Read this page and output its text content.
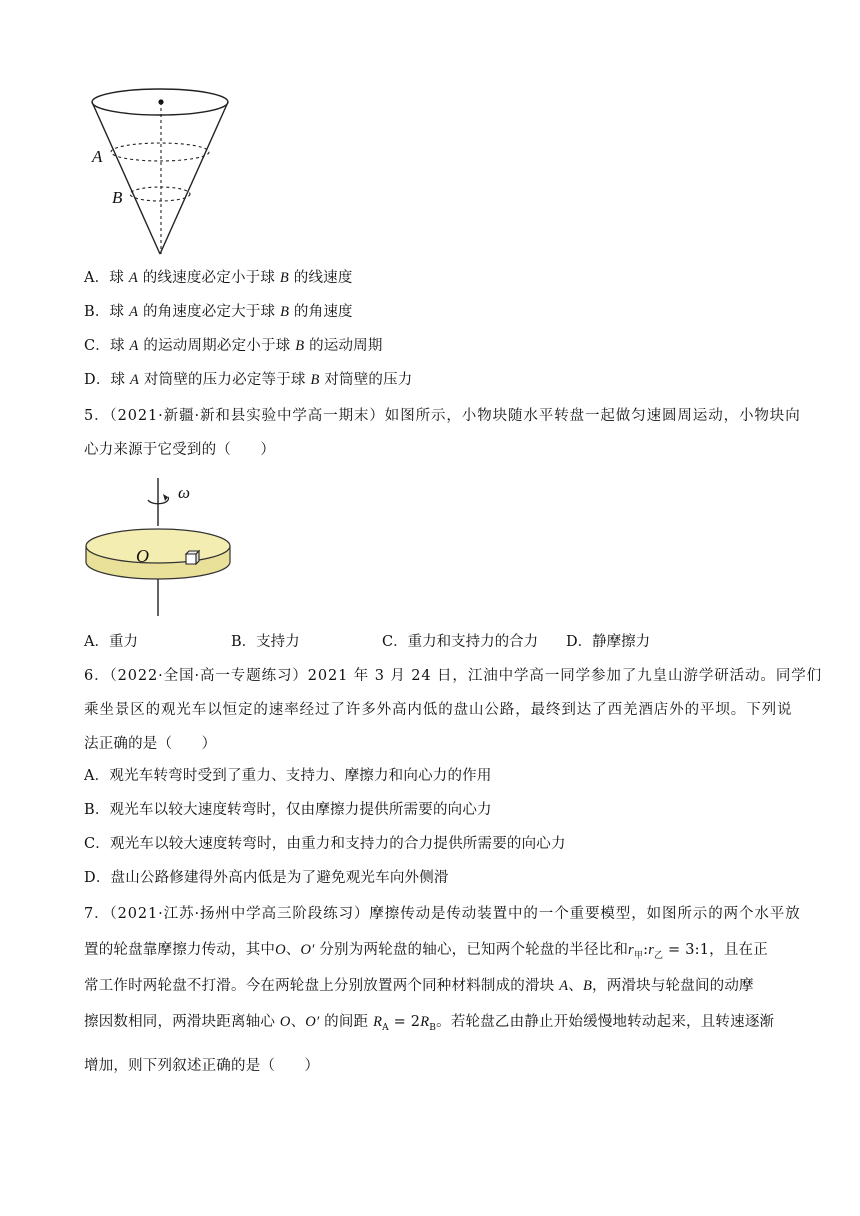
A
B
A．球 A 的线速度必定小于球 B 的线速度
B．球 A 的角速度必定大于球 B 的角速度
C．球 A 的运动周期必定小于球 B 的运动周期
D．球 A 对筒壁的压力必定等于球 B 对筒壁的压力
5．（2021·新疆·新和县实验中学高一期末）如图所示，小物块随水平转盘一起做匀速圆周运动，小物块向
心力来源于它受到的（　　）
ω
O
A．重力	B．支持力	C．重力和支持力的合力 D．静摩擦力
6．（2022·全国·高一专题练习）2021 年 3 月 24 日，江油中学高一同学参加了九皇山游学研活动。同学们
乘坐景区的观光车以恒定的速率经过了许多外高内低的盘山公路，最终到达了西羌酒店外的平坝。下列说
法正确的是（　　）
A．观光车转弯时受到了重力、支持力、摩擦力和向心力的作用
B．观光车以较大速度转弯时，仅由摩擦力提供所需要的向心力
C．观光车以较大速度转弯时，由重力和支持力的合力提供所需要的向心力
D．盘山公路修建得外高内低是为了避免观光车向外侧滑
7．（2021·江苏·扬州中学高三阶段练习）摩擦传动是传动装置中的一个重要模型，如图所示的两个水平放
置的轮盘靠摩擦力传动，其中O、O′ 分别为两轮盘的轴心，已知两个轮盘的半径比和$r_甲:r_乙$ = 3:1，且在正
常工作时两轮盘不打滑。今在两轮盘上分别放置两个同种材料制成的滑块 A、B，两滑块与轮盘间的动摩
擦因数相同，两滑块距离轴心 O、O′ 的间距 $R_A = 2R_B$。若轮盘乙由静止开始缓慢地转动起来，且转速逐渐
增加，则下列叙述正确的是（　　）
